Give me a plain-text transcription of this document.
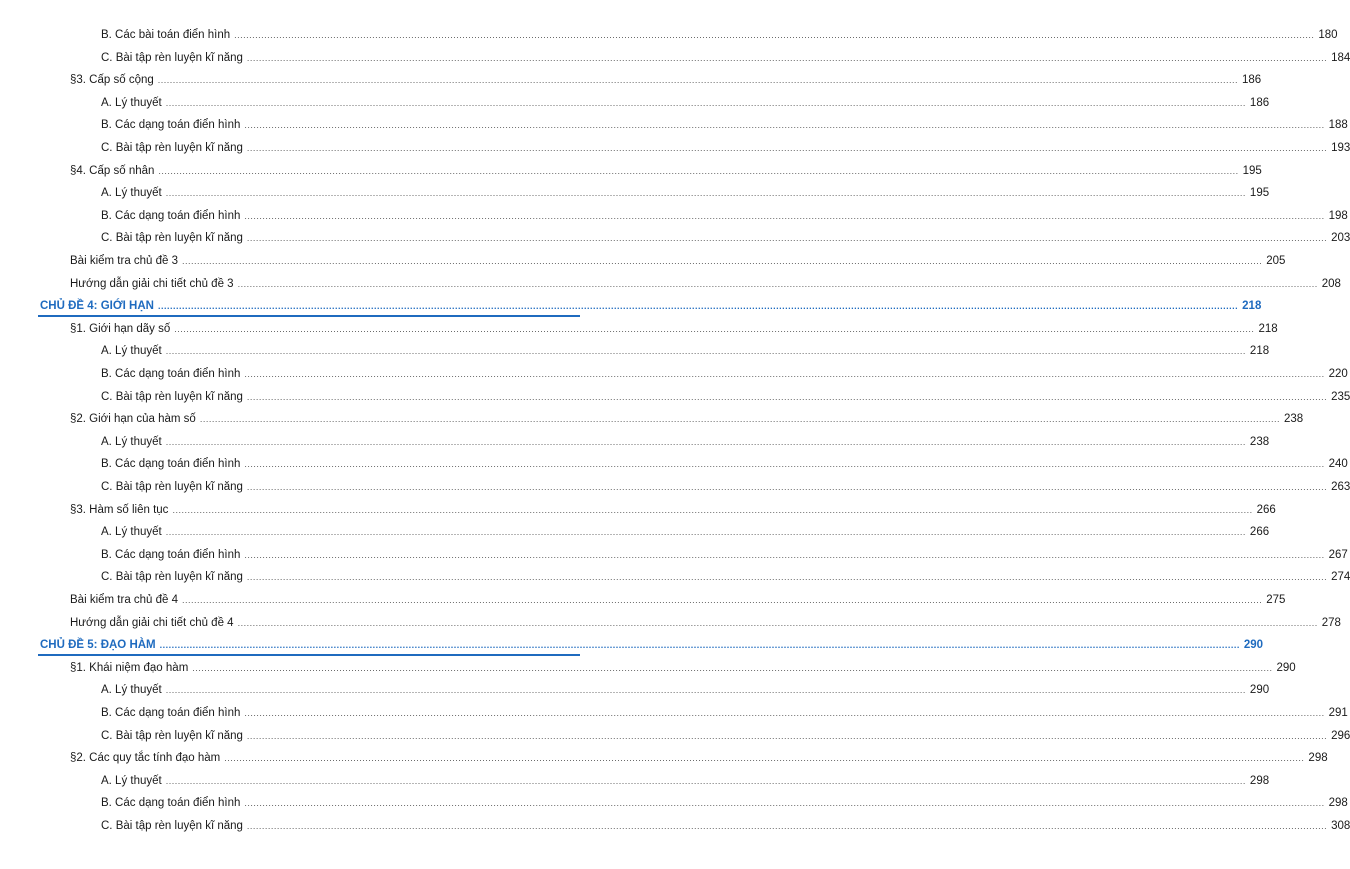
B. Các bài toán điển hình ........................................................................................................................................................................................................................................................................................................................................................................ 180
C. Bài tập rèn luyện kĩ năng ........................................................................................................................................................................................................................................................................................................................................................................ 184
§3. Cấp số cộng ........................................................................................................................................................................................................................................................................................................................................................................ 186
A. Lý thuyết ........................................................................................................................................................................................................................................................................................................................................................................ 186
B. Các dạng toán điển hình ........................................................................................................................................................................................................................................................................................................................................................................ 188
C. Bài tập rèn luyện kĩ năng ........................................................................................................................................................................................................................................................................................................................................................................ 193
§4. Cấp số nhân ........................................................................................................................................................................................................................................................................................................................................................................ 195
A. Lý thuyết ........................................................................................................................................................................................................................................................................................................................................................................ 195
B. Các dạng toán điển hình ........................................................................................................................................................................................................................................................................................................................................................................ 198
C. Bài tập rèn luyện kĩ năng ........................................................................................................................................................................................................................................................................................................................................................................ 203
Bài kiểm tra chủ đề 3 ........................................................................................................................................................................................................................................................................................................................................................................ 205
Hướng dẫn giải chi tiết chủ đề 3 ........................................................................................................................................................................................................................................................................................................................................................................ 208
CHỦ ĐỀ 4: GIỚI HẠN ........................................................................................................................................................................................................................................................................................................................................................................ 218
§1. Giới hạn dãy số ........................................................................................................................................................................................................................................................................................................................................................................ 218
A. Lý thuyết ........................................................................................................................................................................................................................................................................................................................................................................ 218
B. Các dạng toán điển hình ........................................................................................................................................................................................................................................................................................................................................................................ 220
C. Bài tập rèn luyện kĩ năng ........................................................................................................................................................................................................................................................................................................................................................................ 235
§2. Giới hạn của hàm số ........................................................................................................................................................................................................................................................................................................................................................................ 238
A. Lý thuyết ........................................................................................................................................................................................................................................................................................................................................................................ 238
B. Các dạng toán điển hình ........................................................................................................................................................................................................................................................................................................................................................................ 240
C. Bài tập rèn luyện kĩ năng ........................................................................................................................................................................................................................................................................................................................................................................ 263
§3. Hàm số liên tục ........................................................................................................................................................................................................................................................................................................................................................................ 266
A. Lý thuyết ........................................................................................................................................................................................................................................................................................................................................................................ 266
B. Các dạng toán điển hình ........................................................................................................................................................................................................................................................................................................................................................................ 267
C. Bài tập rèn luyện kĩ năng ........................................................................................................................................................................................................................................................................................................................................................................ 274
Bài kiểm tra chủ đề 4 ........................................................................................................................................................................................................................................................................................................................................................................ 275
Hướng dẫn giải chi tiết chủ đề 4 ........................................................................................................................................................................................................................................................................................................................................................................ 278
CHỦ ĐỀ 5: ĐẠO HÀM ........................................................................................................................................................................................................................................................................................................................................................................ 290
§1. Khái niệm đạo hàm ........................................................................................................................................................................................................................................................................................................................................................................ 290
A. Lý thuyết ........................................................................................................................................................................................................................................................................................................................................................................ 290
B. Các dạng toán điển hình ........................................................................................................................................................................................................................................................................................................................................................................ 291
C. Bài tập rèn luyện kĩ năng ........................................................................................................................................................................................................................................................................................................................................................................ 296
§2. Các quy tắc tính đạo hàm ........................................................................................................................................................................................................................................................................................................................................................................ 298
A. Lý thuyết ........................................................................................................................................................................................................................................................................................................................................................................ 298
B. Các dạng toán điển hình ........................................................................................................................................................................................................................................................................................................................................................................ 298
C. Bài tập rèn luyện kĩ năng ........................................................................................................................................................................................................................................................................................................................................................................ 308
